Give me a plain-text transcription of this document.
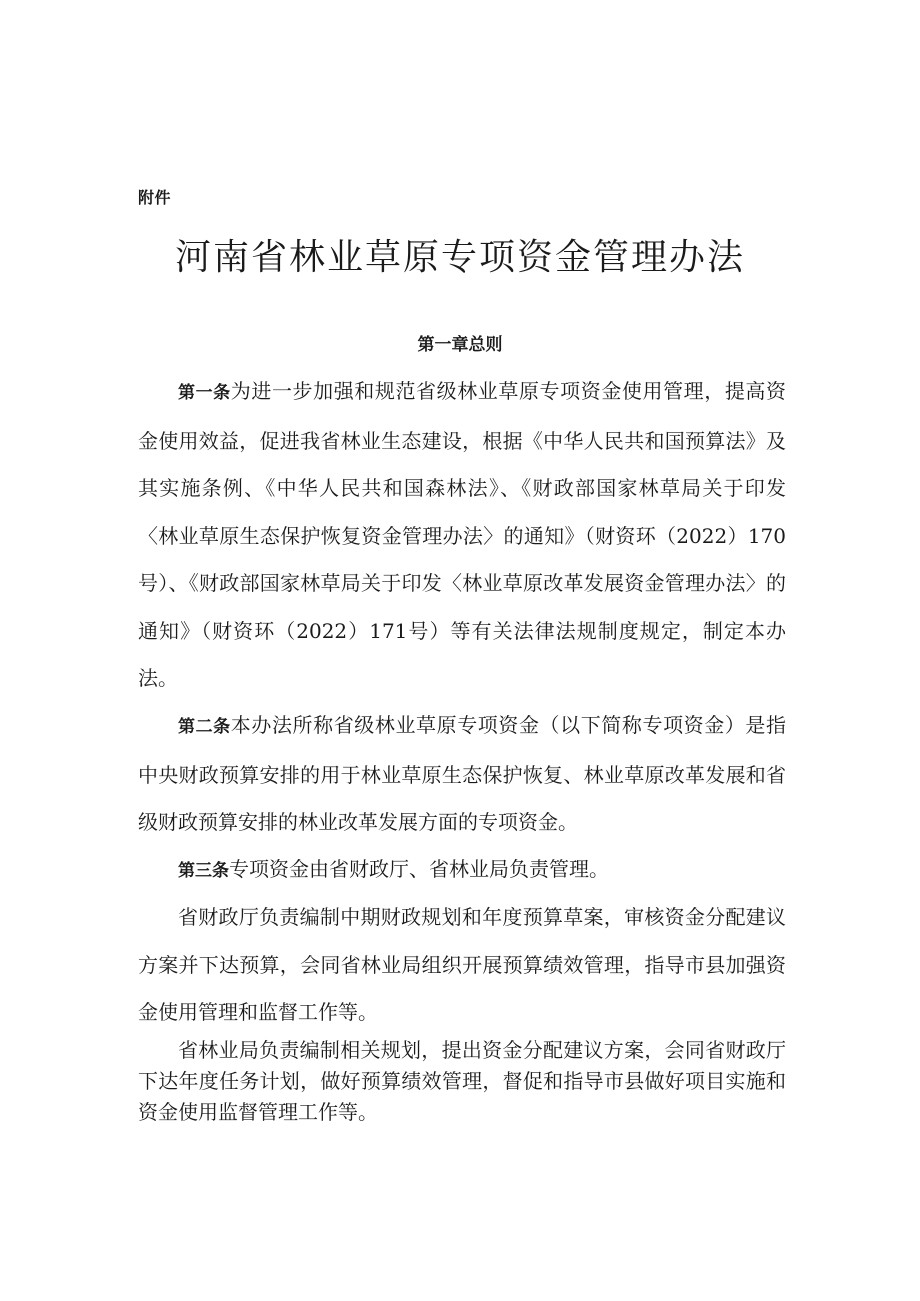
附件
河南省林业草原专项资金管理办法
第一章总则

第一条为进一步加强和规范省级林业草原专项资金使用管理，提高资金使用效益，促进我省林业生态建设，根据《中华人民共和国预算法》及其实施条例、《中华人民共和国森林法》、《财政部国家林草局关于印发〈林业草原生态保护恢复资金管理办法〉的通知》（财资环（2022）170号）、《财政部国家林草局关于印发〈林业草原改革发展资金管理办法〉的通知》（财资环（2022）171号）等有关法律法规制度规定，制定本办法。

第二条本办法所称省级林业草原专项资金（以下简称专项资金）是指中央财政预算安排的用于林业草原生态保护恢复、林业草原改革发展和省级财政预算安排的林业改革发展方面的专项资金。

第三条专项资金由省财政厅、省林业局负责管理。

省财政厅负责编制中期财政规划和年度预算草案，审核资金分配建议方案并下达预算，会同省林业局组织开展预算绩效管理，指导市县加强资金使用管理和监督工作等。

省林业局负责编制相关规划，提出资金分配建议方案，会同省财政厅下达年度任务计划，做好预算绩效管理，督促和指导市县做好项目实施和资金使用监督管理工作等。
